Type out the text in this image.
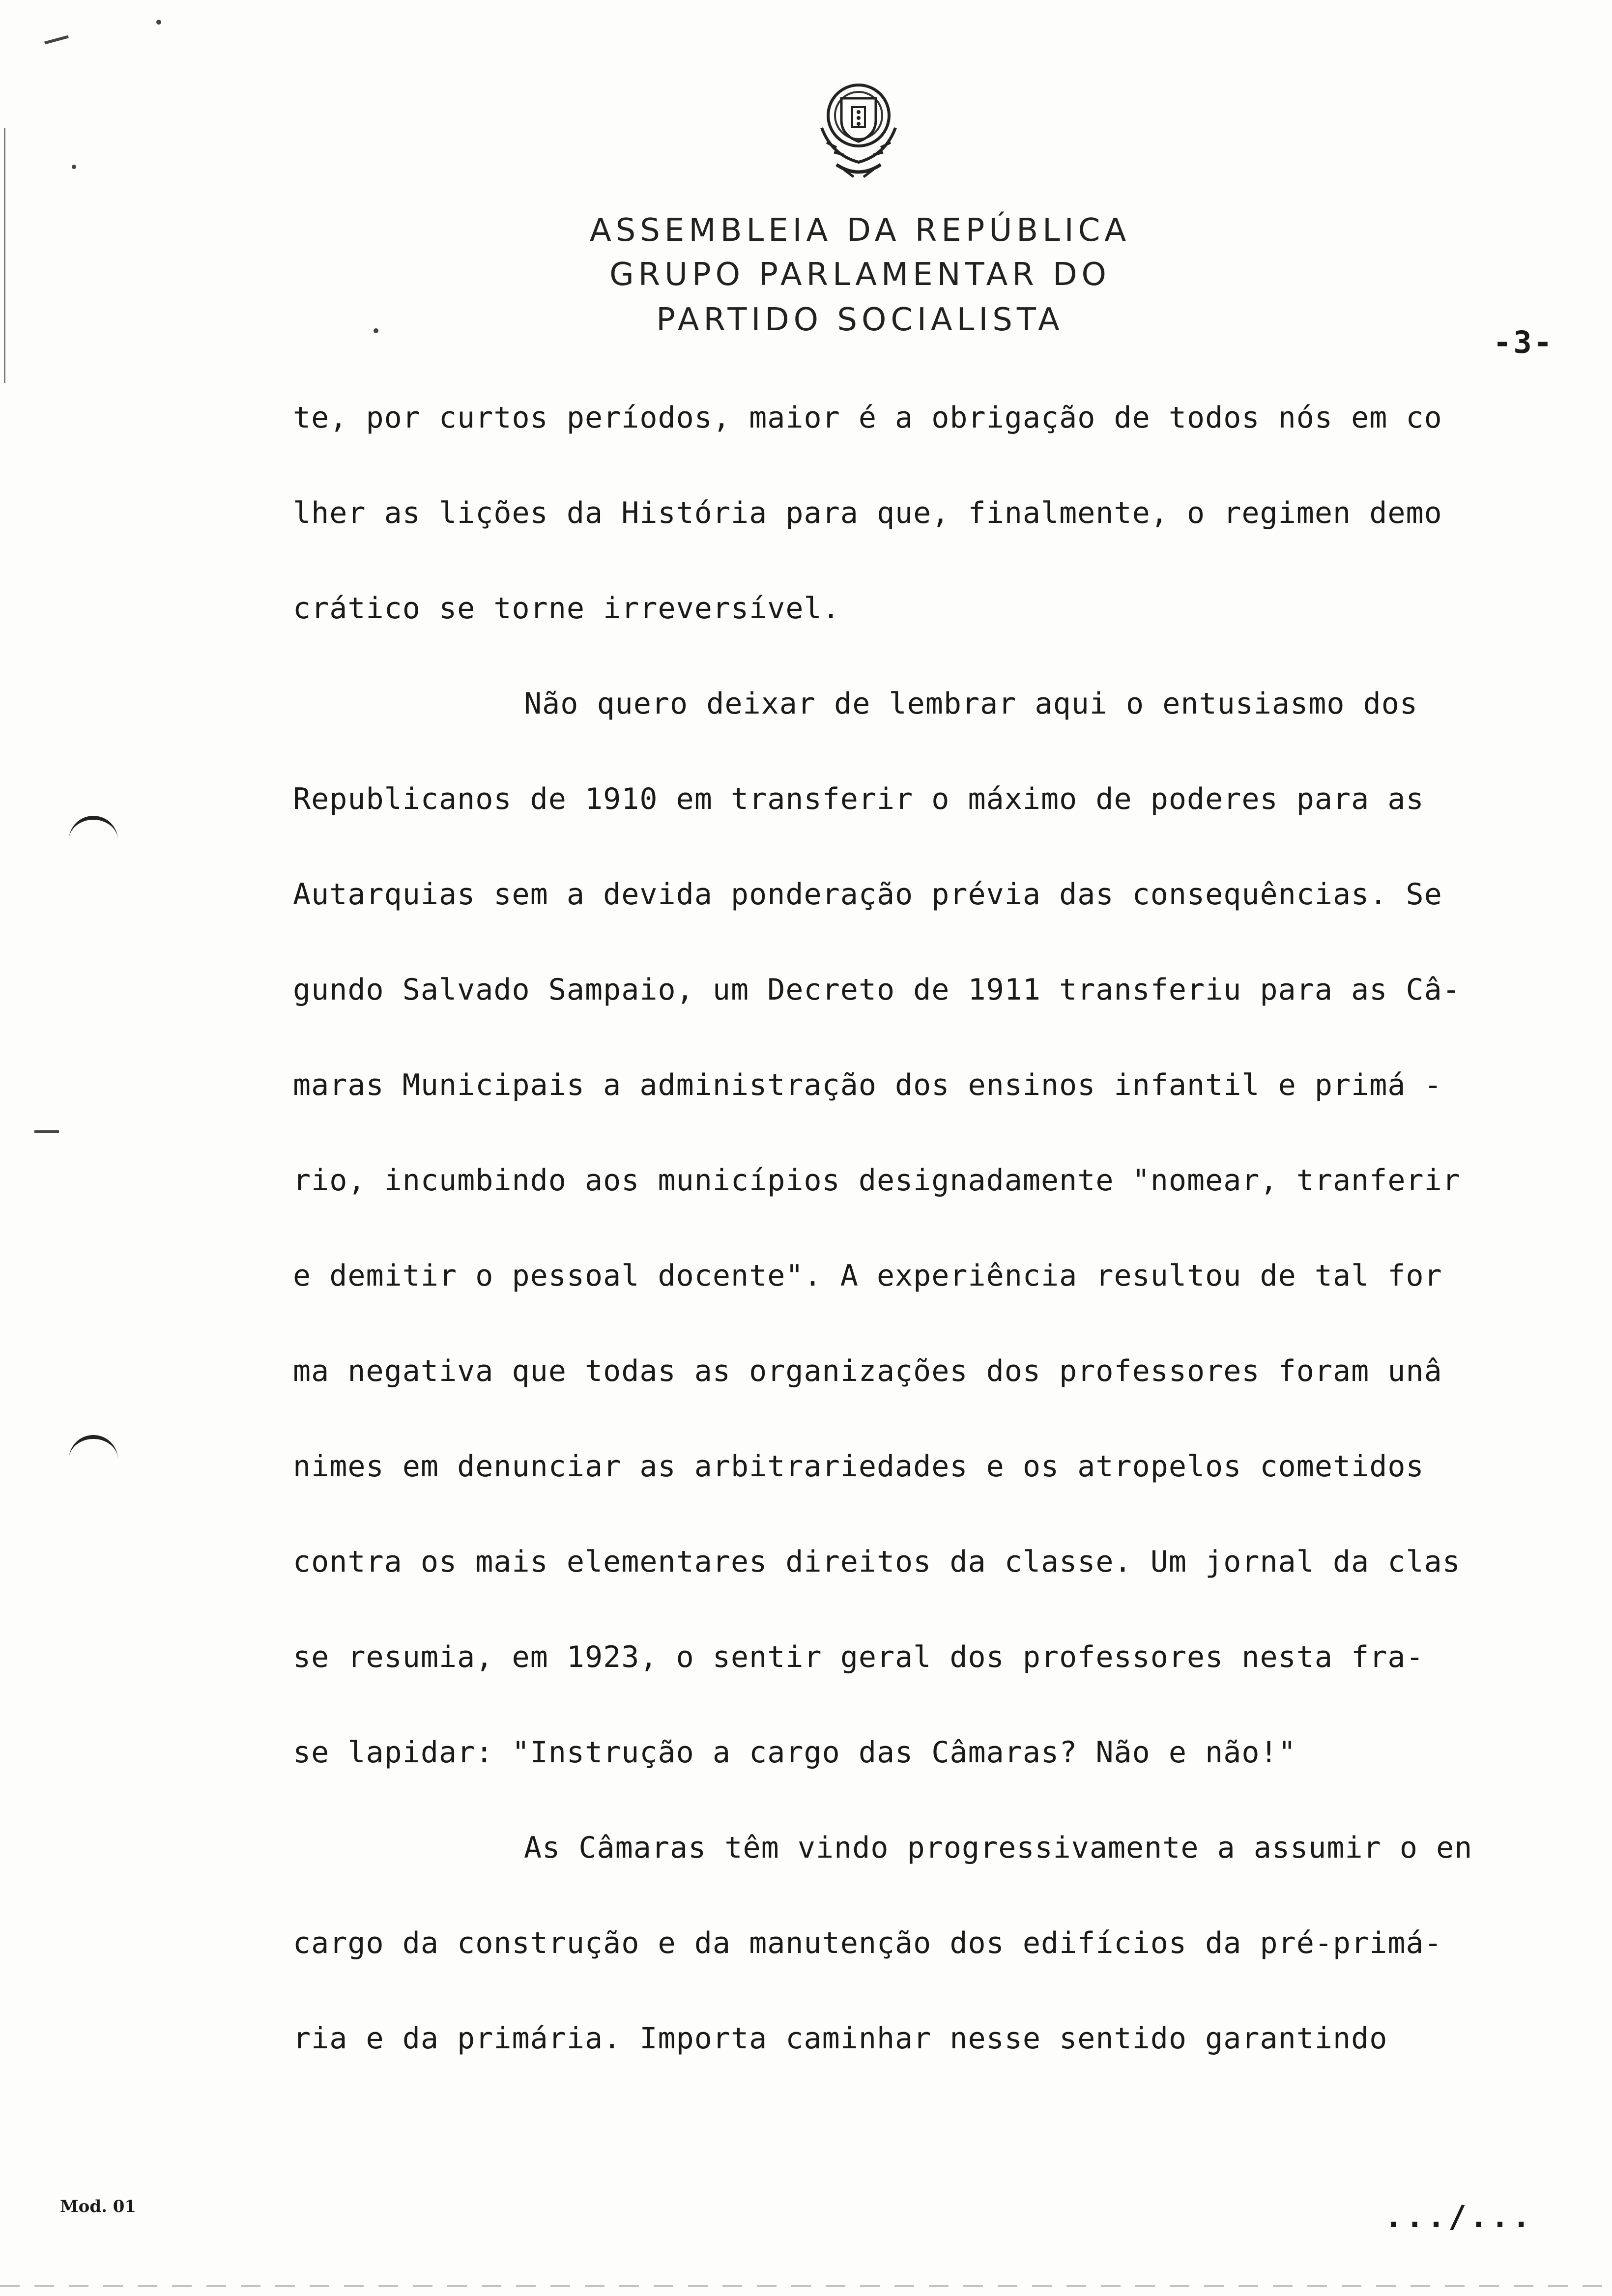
ASSEMBLEIA DA REPÚBLICA
GRUPO PARLAMENTAR DO
PARTIDO SOCIALISTA
-3-
te, por curtos períodos, maior é a obrigação de todos nós em co
lher as lições da História para que, finalmente, o regimen demo
crático se torne irreversível.
Não quero deixar de lembrar aqui o entusiasmo dos
Republicanos de 1910 em transferir o máximo de poderes para as
Autarquias sem a devida ponderação prévia das consequências. Se
gundo Salvado Sampaio, um Decreto de 1911 transferiu para as Câ-
maras Municipais a administração dos ensinos infantil e primá -
rio, incumbindo aos municípios designadamente "nomear, tranferir
e demitir o pessoal docente". A experiência resultou de tal for
ma negativa que todas as organizações dos professores foram unâ
nimes em denunciar as arbitrariedades e os atropelos cometidos
contra os mais elementares direitos da classe. Um jornal da clas
se resumia, em 1923, o sentir geral dos professores nesta fra-
se lapidar: "Instrução a cargo das Câmaras? Não e não!"
As Câmaras têm vindo progressivamente a assumir o en
cargo da construção e da manutenção dos edifícios da pré-primá-
ria e da primária. Importa caminhar nesse sentido garantindo
Mod. 01	.../...
